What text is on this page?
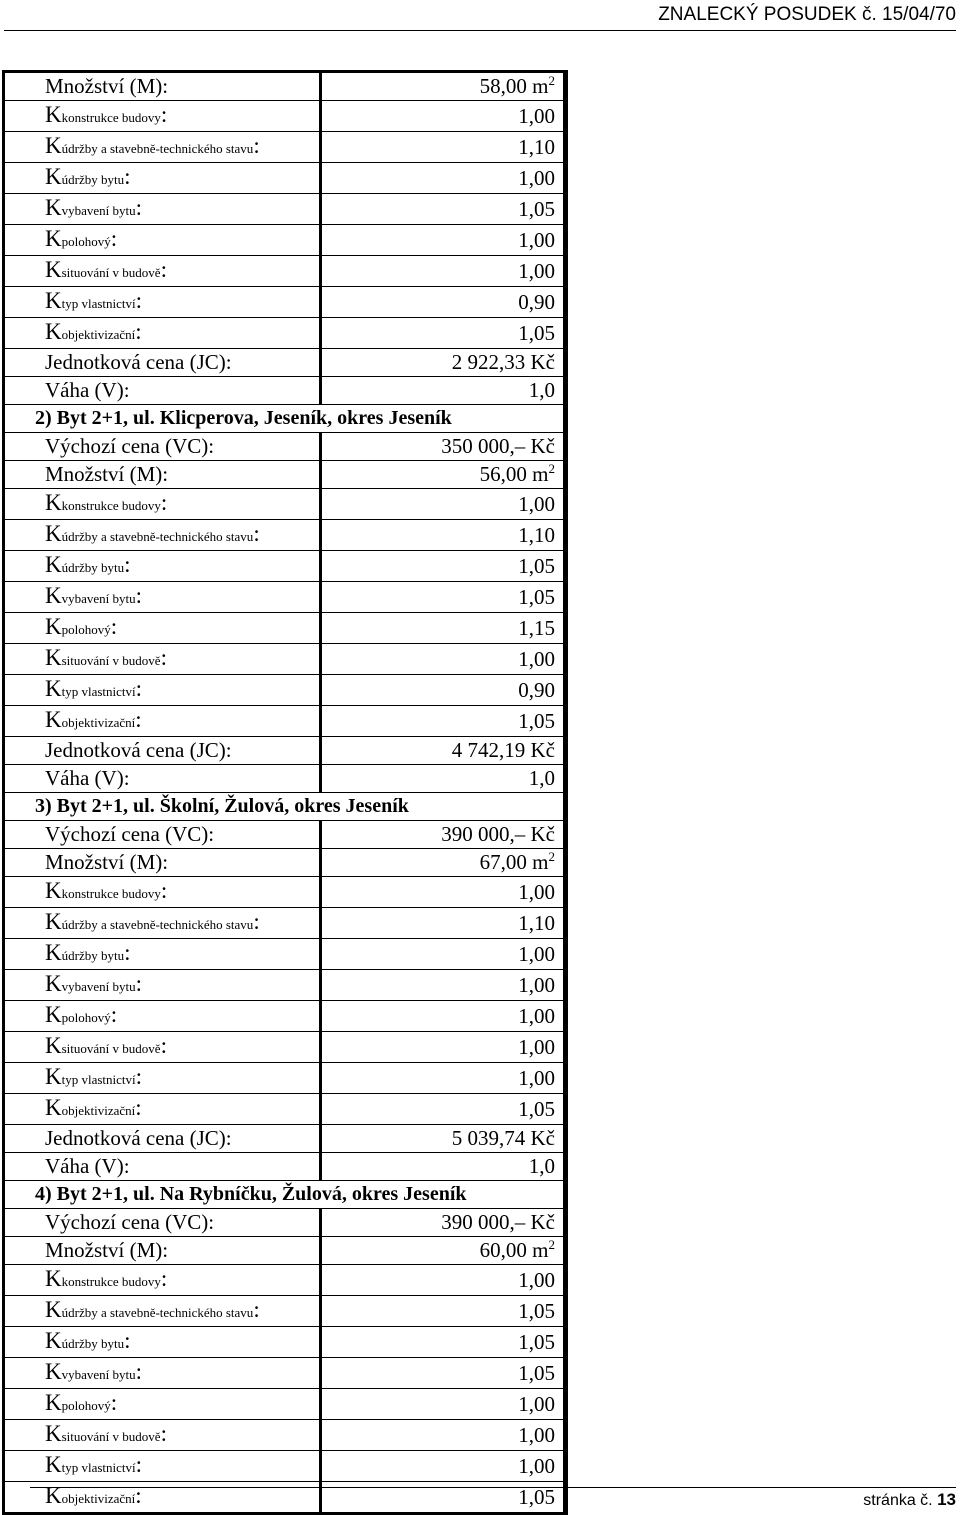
ZNALECKÝ POSUDEK č. 15/04/70
Množství (M):	58,00 $m^2$
Kkonstrukce budovy:	1,00
Kúdržby a stavebně-technického stavu:	1,10
Kúdržby bytu:	1,00
Kvybavení bytu:	1,05
Kpolohový:	1,00
Ksituování v budově:	1,00
Ktyp vlastnictví:	0,90
Kobjektivizační:	1,05
Jednotková cena (JC):	2 922,33 Kč
Váha (V):	1,0
2) Byt 2+1, ul. Klicperova, Jeseník, okres Jeseník	
Výchozí cena (VC):	350 000,– Kč
Množství (M):	56,00 $m^2$
Kkonstrukce budovy:	1,00
Kúdržby a stavebně-technického stavu:	1,10
Kúdržby bytu:	1,05
Kvybavení bytu:	1,05
Kpolohový:	1,15
Ksituování v budově:	1,00
Ktyp vlastnictví:	0,90
Kobjektivizační:	1,05
Jednotková cena (JC):	4 742,19 Kč
Váha (V):	1,0
3) Byt 2+1, ul. Školní, Žulová, okres Jeseník	
Výchozí cena (VC):	390 000,– Kč
Množství (M):	67,00 $m^2$
Kkonstrukce budovy:	1,00
Kúdržby a stavebně-technického stavu:	1,10
Kúdržby bytu:	1,00
Kvybavení bytu:	1,00
Kpolohový:	1,00
Ksituování v budově:	1,00
Ktyp vlastnictví:	1,00
Kobjektivizační:	1,05
Jednotková cena (JC):	5 039,74 Kč
Váha (V):	1,0
4) Byt 2+1, ul. Na Rybníčku, Žulová, okres Jeseník	
Výchozí cena (VC):	390 000,– Kč
Množství (M):	60,00 $m^2$
Kkonstrukce budovy:	1,00
Kúdržby a stavebně-technického stavu:	1,05
Kúdržby bytu:	1,05
Kvybavení bytu:	1,05
Kpolohový:	1,00
Ksituování v budově:	1,00
Ktyp vlastnictví:	1,00
Kobjektivizační:	1,05	stránka č. 13
